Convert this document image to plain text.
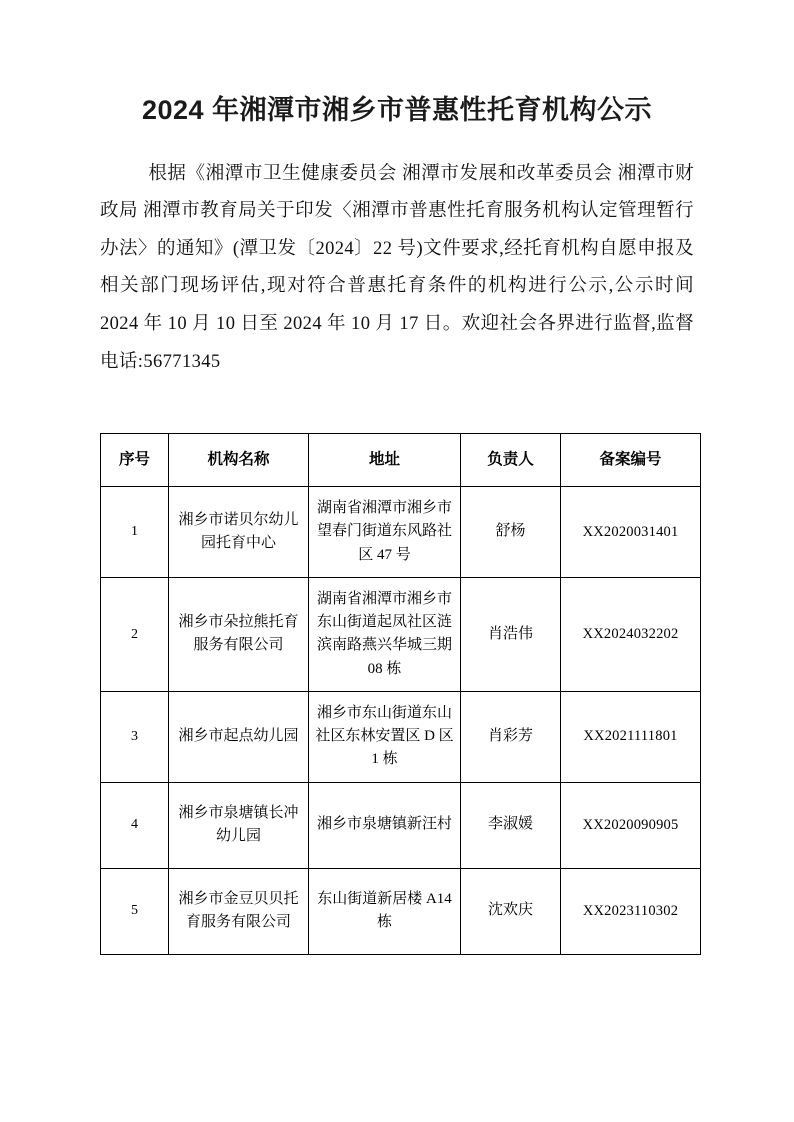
2024 年湘潭市湘乡市普惠性托育机构公示

根据《湘潭市卫生健康委员会 湘潭市发展和改革委员会 湘潭市财政局 湘潭市教育局关于印发〈湘潭市普惠性托育服务机构认定管理暂行办法〉的通知》(潭卫发〔2024〕22 号)文件要求,经托育机构自愿申报及相关部门现场评估,现对符合普惠托育条件的机构进行公示,公示时间 2024 年 10 月 10 日至 2024 年 10 月 17 日。欢迎社会各界进行监督,监督电话:56771345

序号	机构名称	地址	负责人	备案编号
1	湘乡市诺贝尔幼儿园托育中心	湖南省湘潭市湘乡市望春门街道东风路社区 47 号	舒杨	XX2020031401
2	湘乡市朵拉熊托育服务有限公司	湖南省湘潭市湘乡市东山街道起凤社区涟滨南路燕兴华城三期 08 栋	肖浩伟	XX2024032202
3	湘乡市起点幼儿园	湘乡市东山街道东山社区东林安置区 D 区 1 栋	肖彩芳	XX2021111801
4	湘乡市泉塘镇长冲幼儿园	湘乡市泉塘镇新汪村	李淑媛	XX2020090905
5	湘乡市金豆贝贝托育服务有限公司	东山街道新居楼 A14 栋	沈欢庆	XX2023110302
